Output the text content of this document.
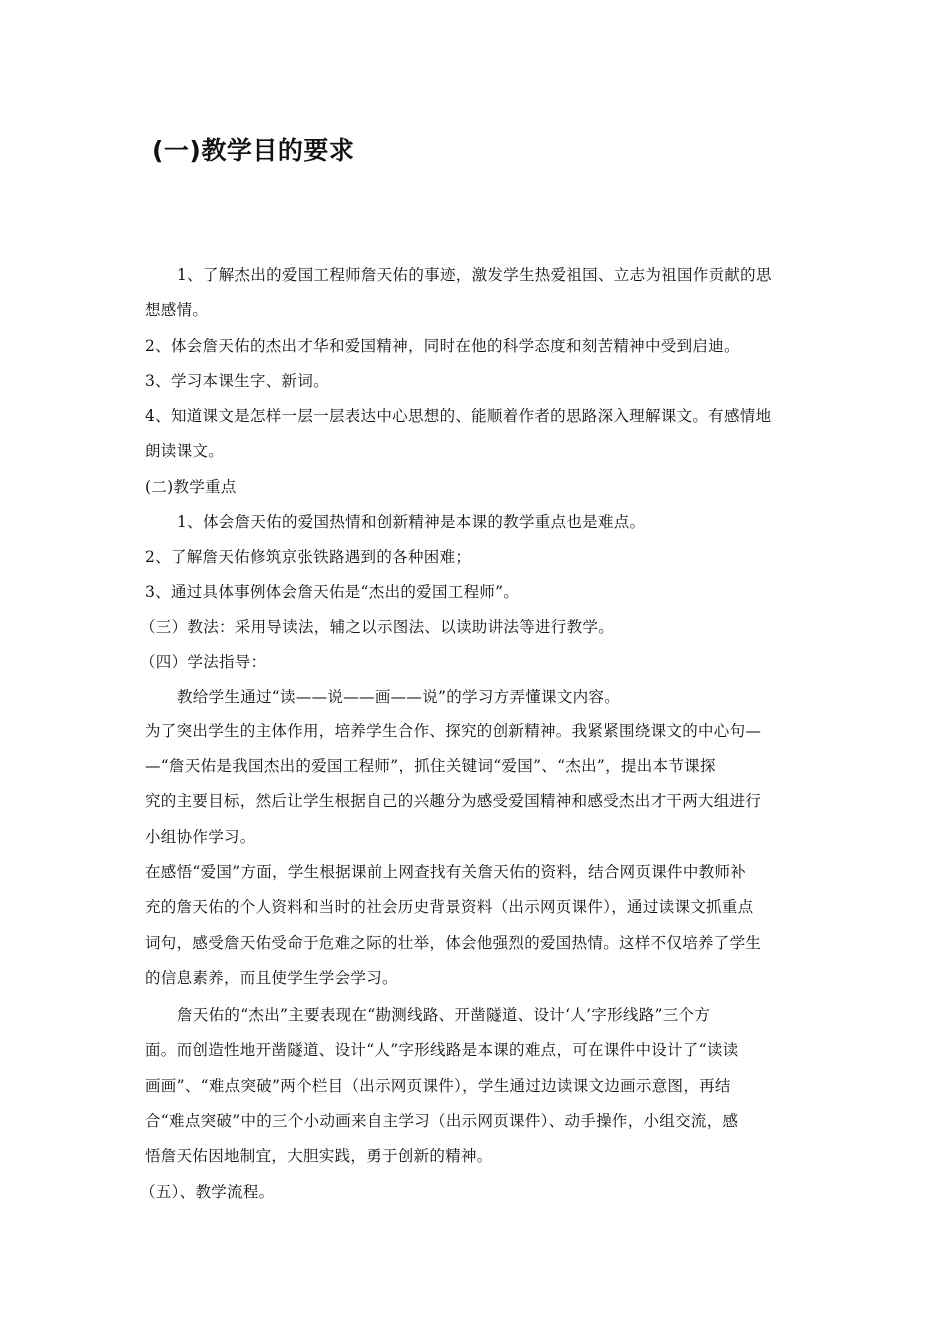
(一)教学目的要求
1、了解杰出的爱国工程师詹天佑的事迹，激发学生热爱祖国、立志为祖国作贡献的思
想感情。
2、体会詹天佑的杰出才华和爱国精神，同时在他的科学态度和刻苦精神中受到启迪。
3、学习本课生字、新词。
4、知道课文是怎样一层一层表达中心思想的、能顺着作者的思路深入理解课文。有感情地
朗读课文。
(二)教学重点
1、体会詹天佑的爱国热情和创新精神是本课的教学重点也是难点。
2、了解詹天佑修筑京张铁路遇到的各种困难；
3、通过具体事例体会詹天佑是“杰出的爱国工程师”。
（三）教法：采用导读法，辅之以示图法、以读助讲法等进行教学。
（四）学法指导：
教给学生通过“读——说——画——说”的学习方弄懂课文内容。
为了突出学生的主体作用，培养学生合作、探究的创新精神。我紧紧围绕课文的中心句—
—“詹天佑是我国杰出的爱国工程师”，抓住关键词“爱国”、“杰出”，提出本节课探
究的主要目标，然后让学生根据自己的兴趣分为感受爱国精神和感受杰出才干两大组进行
小组协作学习。
在感悟“爱国”方面，学生根据课前上网查找有关詹天佑的资料，结合网页课件中教师补
充的詹天佑的个人资料和当时的社会历史背景资料（出示网页课件），通过读课文抓重点
词句，感受詹天佑受命于危难之际的壮举，体会他强烈的爱国热情。这样不仅培养了学生
的信息素养，而且使学生学会学习。
詹天佑的“杰出”主要表现在“勘测线路、开凿隧道、设计‘人’字形线路”三个方
面。而创造性地开凿隧道、设计“人”字形线路是本课的难点，可在课件中设计了“读读
画画”、“难点突破”两个栏目（出示网页课件），学生通过边读课文边画示意图，再结
合“难点突破”中的三个小动画来自主学习（出示网页课件）、动手操作，小组交流，感
悟詹天佑因地制宜，大胆实践，勇于创新的精神。
（五）、教学流程。
